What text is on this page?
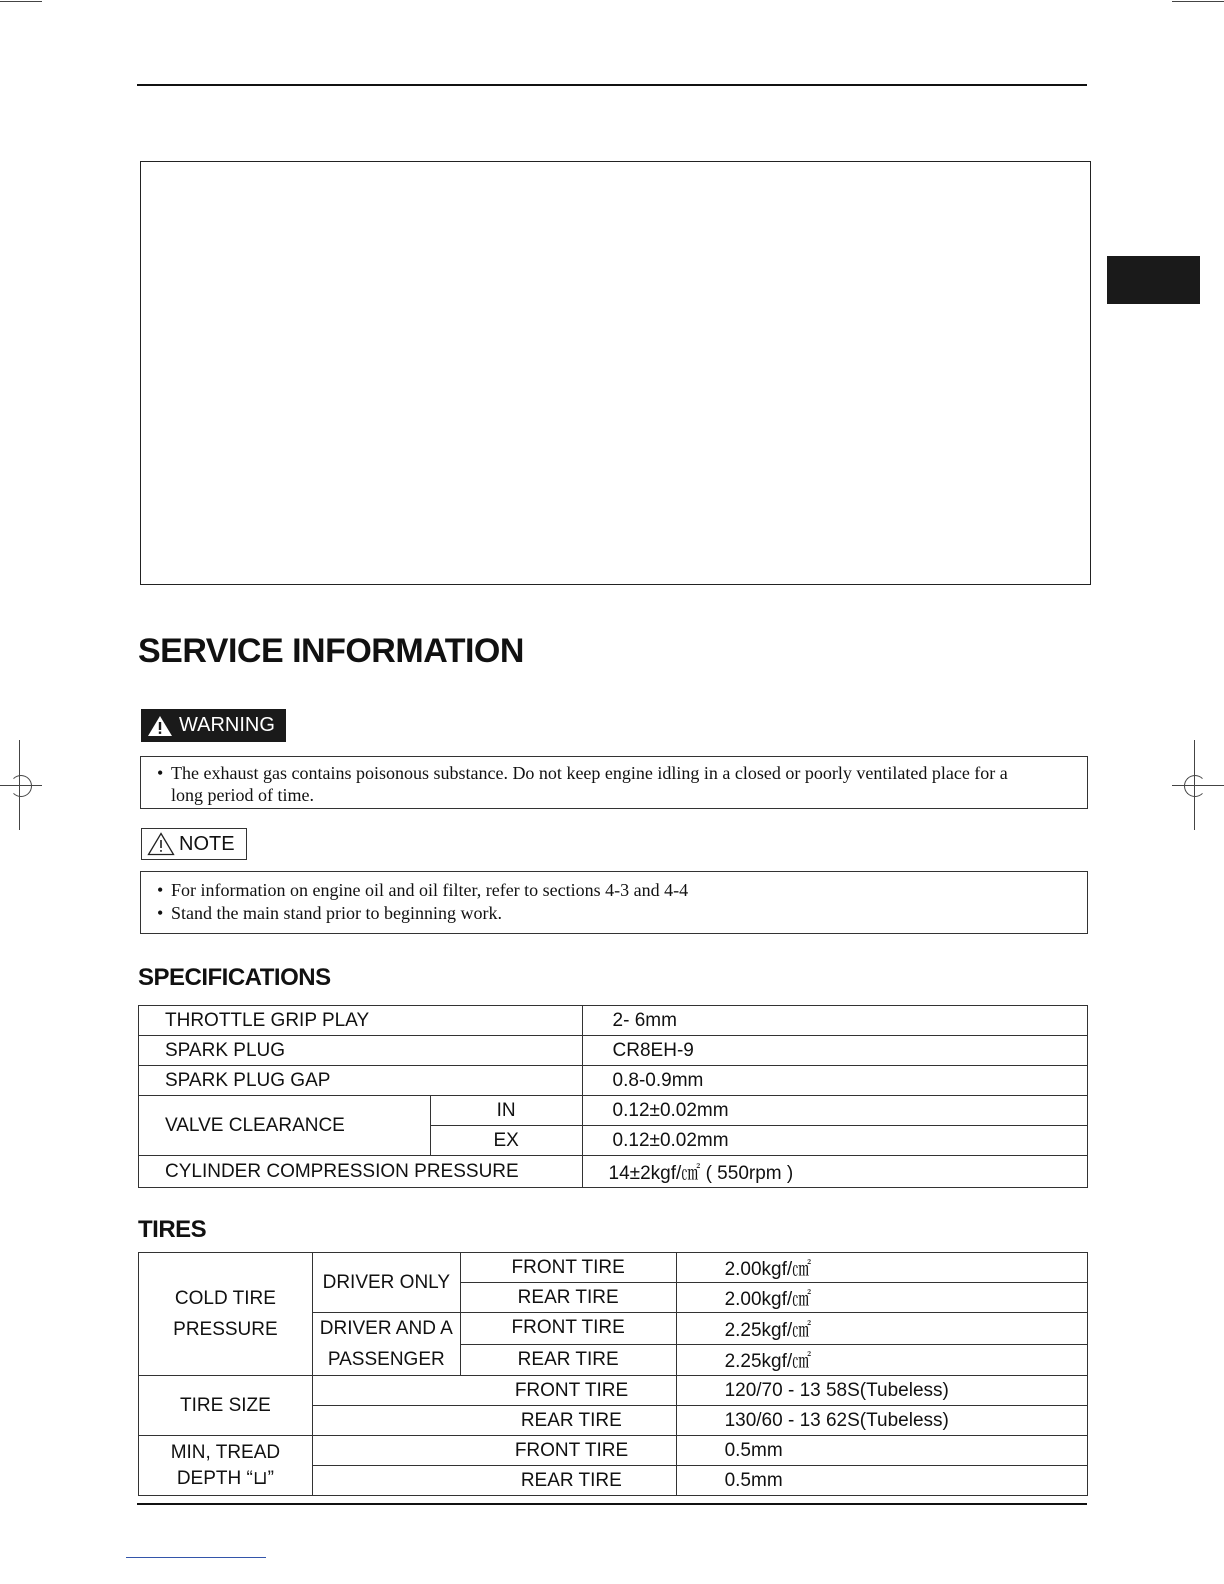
SERVICE INFORMATION
WARNING
• The exhaust gas contains poisonous substance. Do not keep engine idling in a closed or poorly ventilated place for a
long period of time.
NOTE
• For information on engine oil and oil filter, refer to sections 4-3 and 4-4
• Stand the main stand prior to beginning work.
SPECIFICATIONS
THROTTLE GRIP PLAY		2- 6mm
SPARK PLUG		CR8EH-9
SPARK PLUG GAP		0.8-0.9mm
VALVE CLEARANCE	IN	0.12±0.02mm
	EX	0.12±0.02mm
CYLINDER COMPRESSION PRESSURE		14±2kgf/㎠ ( 550rpm )
TIRES
COLD TIRE
PRESSURE	DRIVER ONLY	FRONT TIRE	2.00kgf/㎠
		REAR TIRE	2.00kgf/㎠
	DRIVER AND A
PASSENGER	FRONT TIRE	2.25kgf/㎠
		REAR TIRE	2.25kgf/㎠
TIRE SIZE	FRONT TIRE		120/70 - 13 58S(Tubeless)
	REAR TIRE		130/60 - 13 62S(Tubeless)
MIN, TREAD
DEPTH “⊔”	FRONT TIRE		0.5mm
	REAR TIRE		0.5mm
